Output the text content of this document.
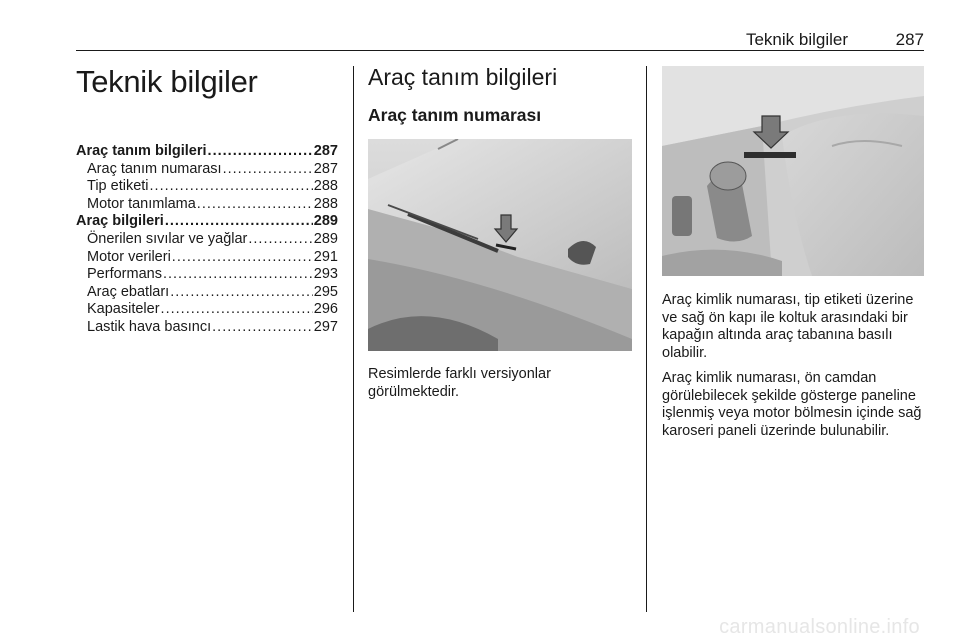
Teknik bilgiler	287
Teknik bilgiler
Araç tanım bilgileri .....	287
Araç tanım numarası .....	287
Tip etiketi .....	288
Motor tanımlama .....	288
Araç bilgileri .....	289
Önerilen sıvılar ve yağlar .....	289
Motor verileri .....	291
Performans .....	293
Araç ebatları .....	295
Kapasiteler .....	296
Lastik hava basıncı .....	297
Araç tanım bilgileri
Araç tanım numarası

Resimlerde farklı versiyonlar görülmektedir.

Araç kimlik numarası, tip etiketi üzerine ve sağ ön kapı ile koltuk arasındaki bir kapağın altında araç tabanına basılı olabilir.

Araç kimlik numarası, ön camdan görülebilecek şekilde gösterge paneline işlenmiş veya motor bölmesin içinde sağ karoseri paneli üzerinde bulunabilir.

carmanualsonline.info
